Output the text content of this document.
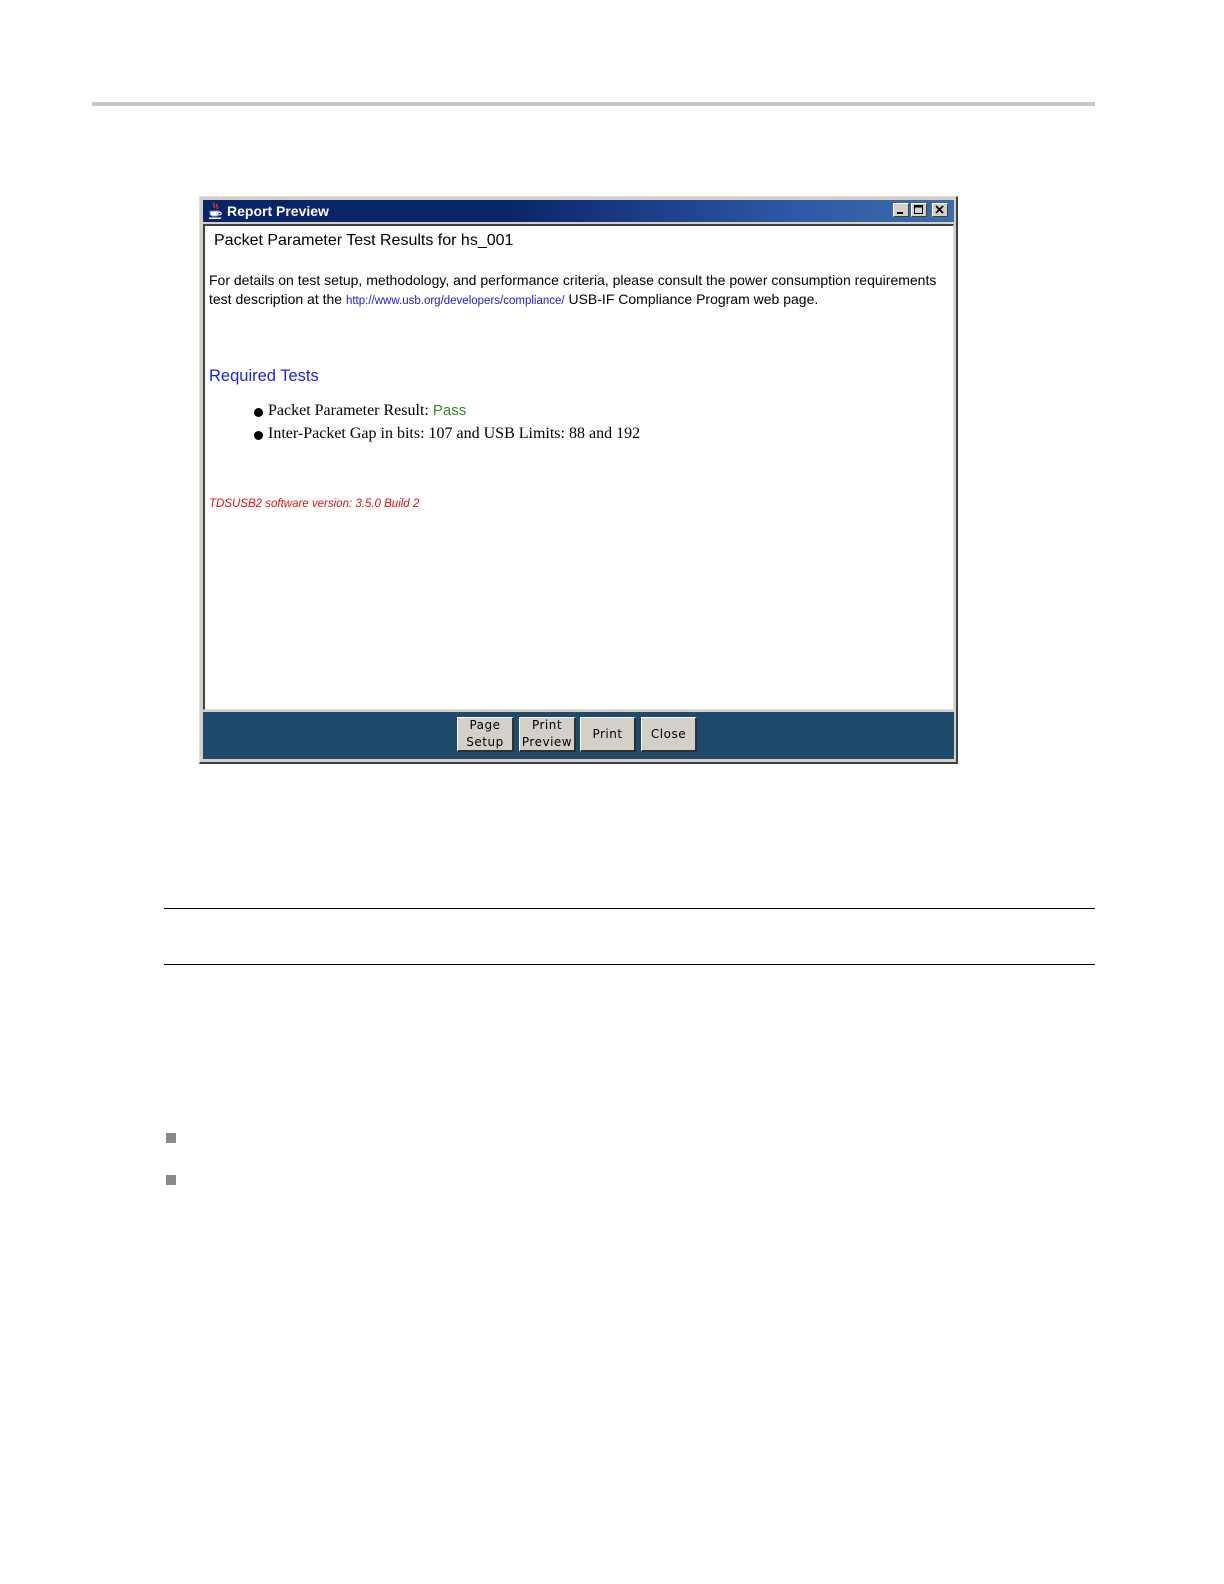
Report Preview
Packet Parameter Test Results for hs_001
For details on test setup, methodology, and performance criteria, please consult the power consumption requirements test description at the http://www.usb.org/developers/compliance/ USB-IF Compliance Program web page.
Required Tests
Packet Parameter Result: Pass
Inter-Packet Gap in bits: 107 and USB Limits: 88 and 192
TDSUSB2 software version: 3.5.0 Build 2
Page
Setup
Print
Preview
Print	Close
